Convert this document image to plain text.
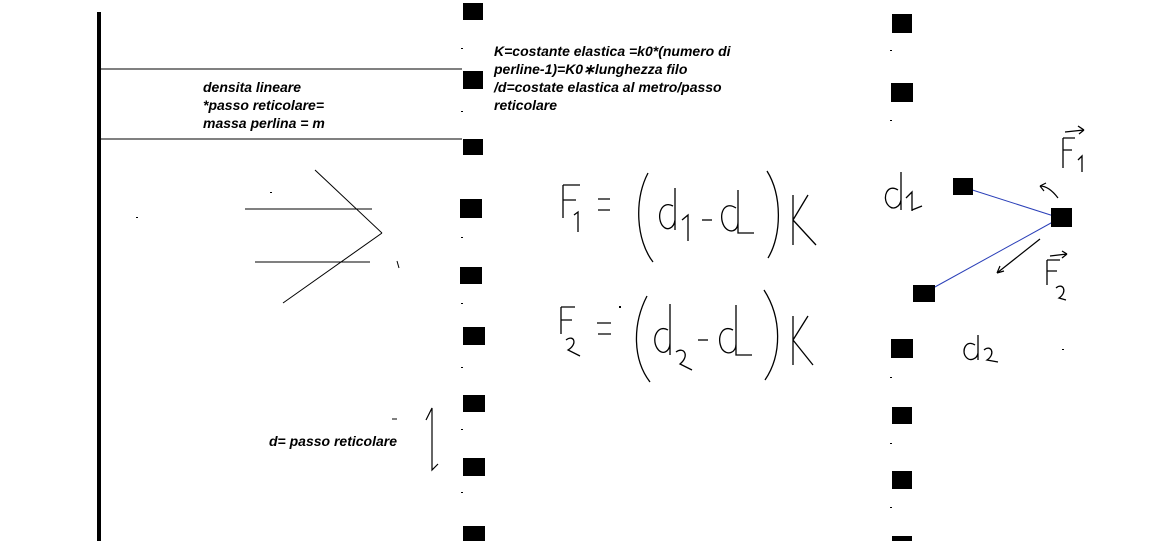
densita lineare
*passo reticolare=
massa perlina = m
K=costante elastica =k0*(numero di
perline-1)=K0∗lunghezza filo
/d=costate elastica al metro/passo
reticolare
d= passo reticolare
